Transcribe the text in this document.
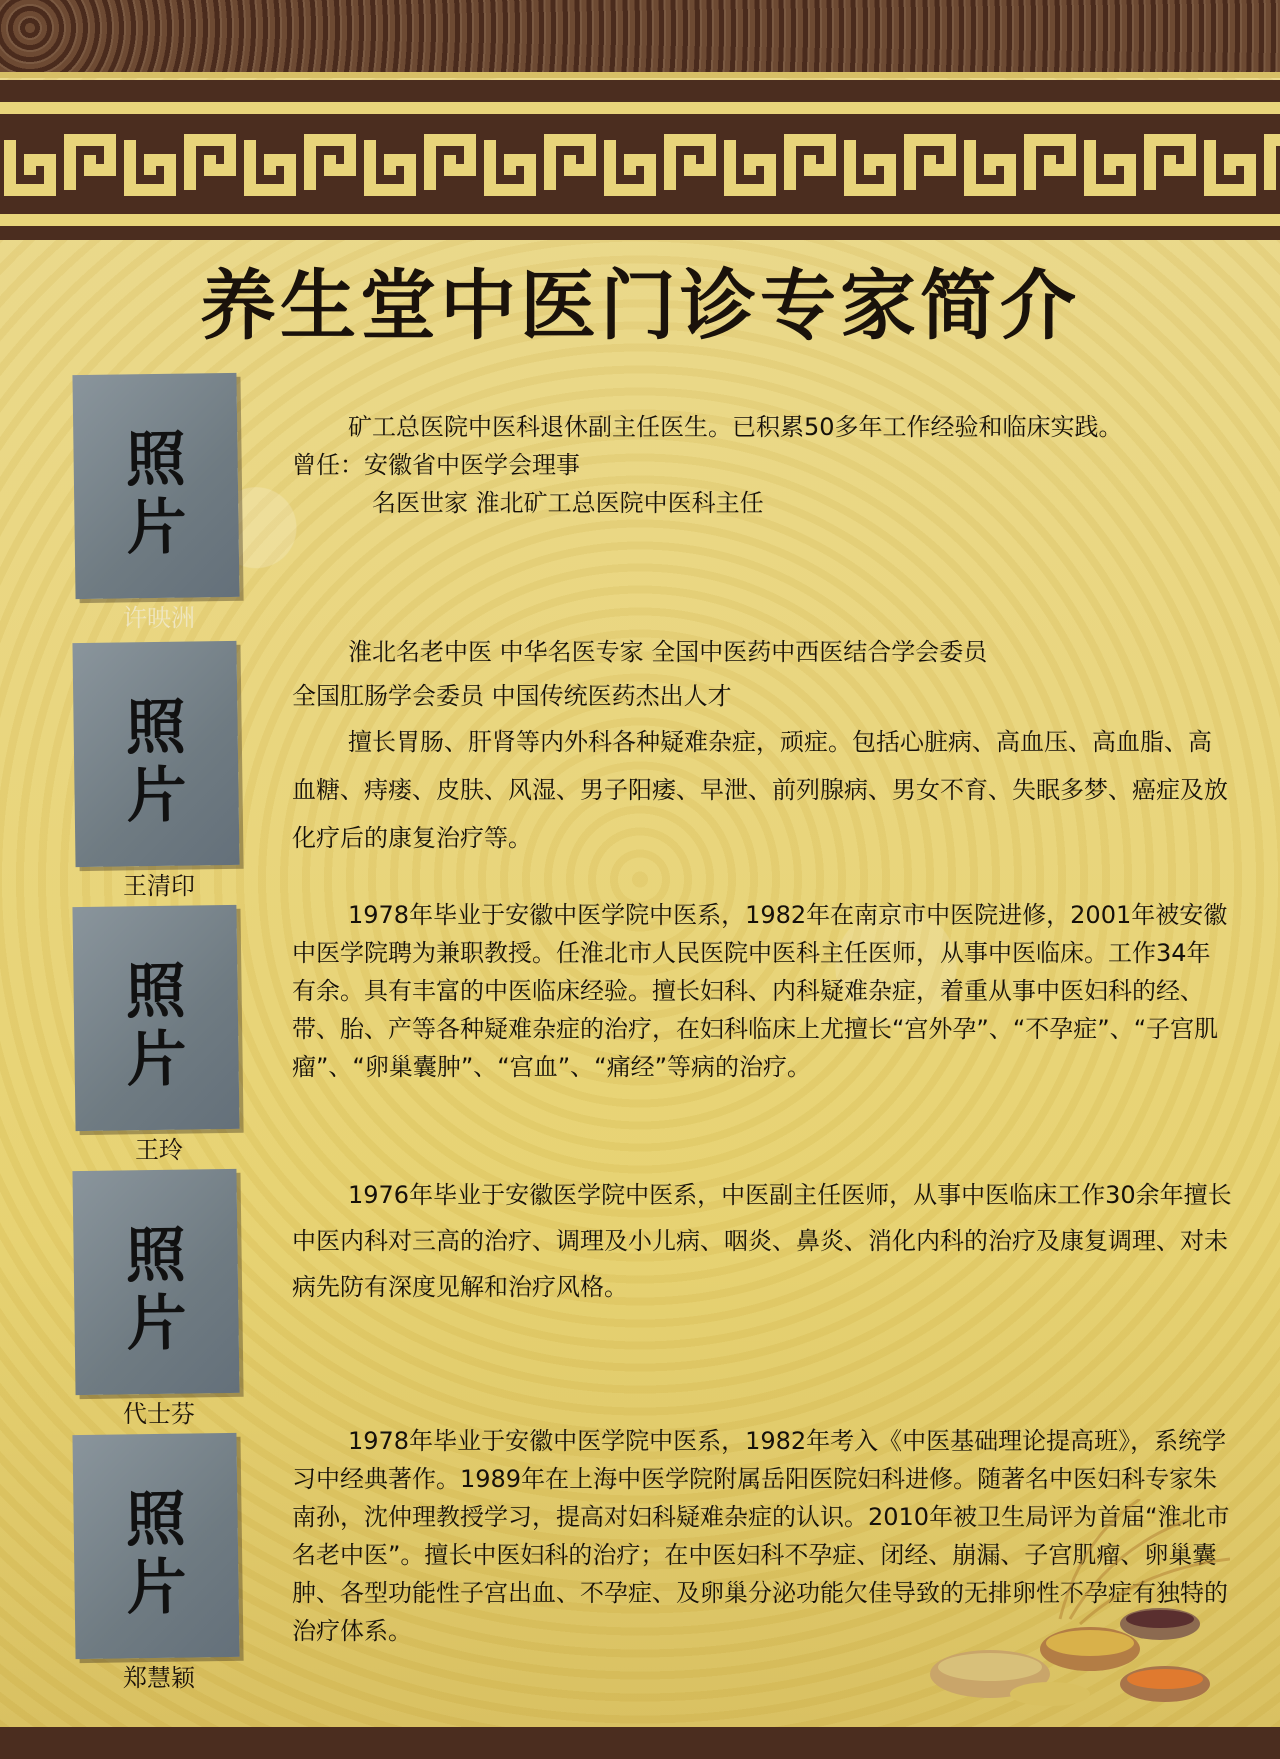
养生堂中医门诊专家简介
照
片
许映洲
照
片
王清印
照
片
王玲
照
片
代士芬
照
片
郑慧颖

矿工总医院中医科退休副主任医生。已积累50多年工作经验和临床实践。

曾任：安徽省中医学会理事

名医世家 淮北矿工总医院中医科主任

淮北名老中医 中华名医专家 全国中医药中西医结合学会委员

全国肛肠学会委员 中国传统医药杰出人才

擅长胃肠、肝肾等内外科各种疑难杂症，顽症。包括心脏病、高血压、高血脂、高血糖、痔瘘、皮肤、风湿、男子阳痿、早泄、前列腺病、男女不育、失眠多梦、癌症及放化疗后的康复治疗等。

1978年毕业于安徽中医学院中医系，1982年在南京市中医院进修，2001年被安徽中医学院聘为兼职教授。任淮北市人民医院中医科主任医师，从事中医临床。工作34年有余。具有丰富的中医临床经验。擅长妇科、内科疑难杂症，着重从事中医妇科的经、带、胎、产等各种疑难杂症的治疗，在妇科临床上尤擅长“宫外孕”、“不孕症”、“子宫肌瘤”、“卵巢囊肿”、“宫血”、“痛经”等病的治疗。

1976年毕业于安徽医学院中医系，中医副主任医师，从事中医临床工作30余年擅长中医内科对三高的治疗、调理及小儿病、咽炎、鼻炎、消化内科的治疗及康复调理、对未病先防有深度见解和治疗风格。

1978年毕业于安徽中医学院中医系，1982年考入《中医基础理论提高班》，系统学习中经典著作。1989年在上海中医学院附属岳阳医院妇科进修。随著名中医妇科专家朱南孙，沈仲理教授学习，提高对妇科疑难杂症的认识。2010年被卫生局评为首届“淮北市名老中医”。擅长中医妇科的治疗；在中医妇科不孕症、闭经、崩漏、子宫肌瘤、卵巢囊肿、各型功能性子宫出血、不孕症、及卵巢分泌功能欠佳导致的无排卵性不孕症有独特的治疗体系。
